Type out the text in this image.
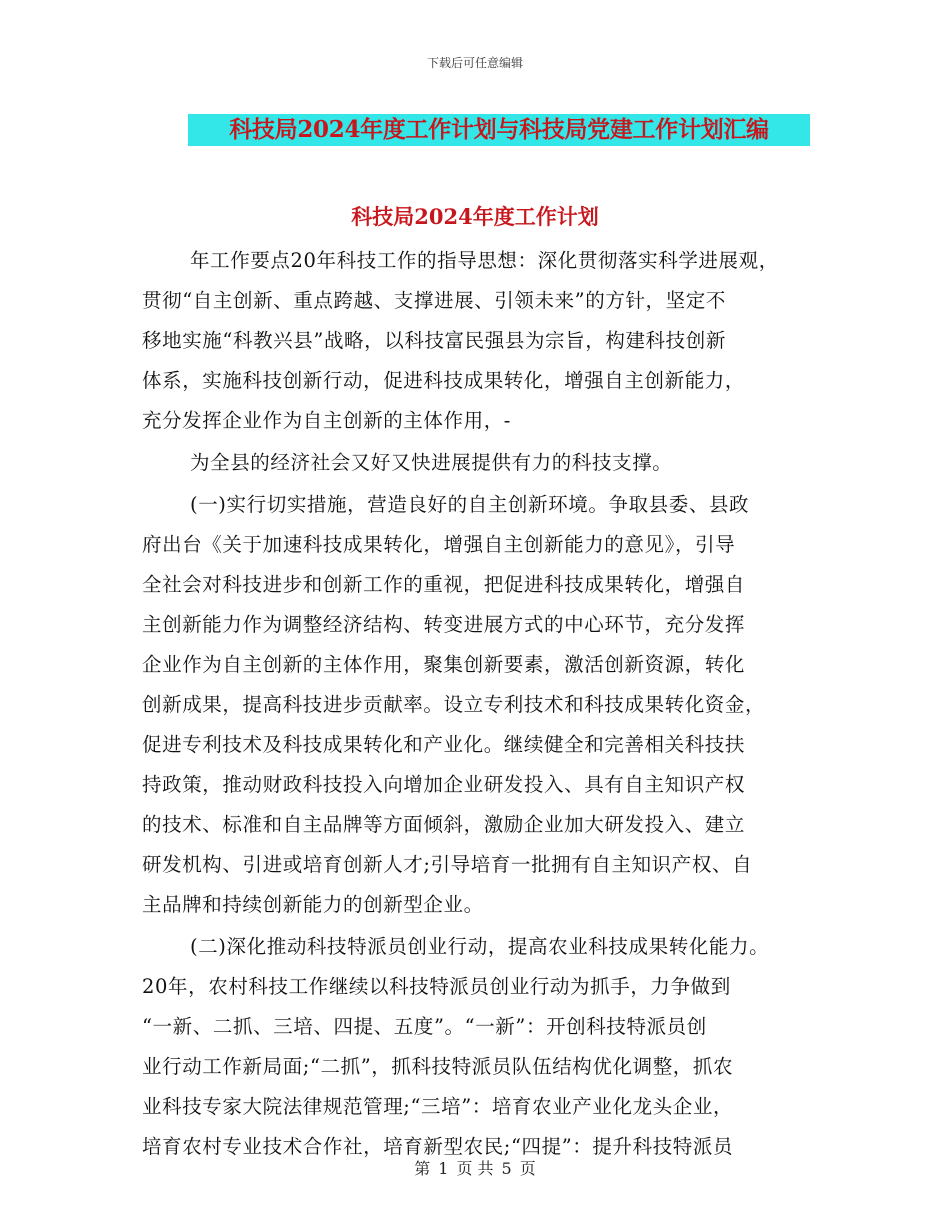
下载后可任意编辑
科技局2024年度工作计划与科技局党建工作计划汇编
科技局2024年度工作计划
年工作要点20年科技工作的指导思想：深化贯彻落实科学进展观，
贯彻“自主创新、重点跨越、支撑进展、引领未来”的方针，坚定不
移地实施“科教兴县”战略，以科技富民强县为宗旨，构建科技创新
体系，实施科技创新行动，促进科技成果转化，增强自主创新能力，
充分发挥企业作为自主创新的主体作用，-
为全县的经济社会又好又快进展提供有力的科技支撑。
(一)实行切实措施，营造良好的自主创新环境。争取县委、县政
府出台《关于加速科技成果转化，增强自主创新能力的意见》，引导
全社会对科技进步和创新工作的重视，把促进科技成果转化，增强自
主创新能力作为调整经济结构、转变进展方式的中心环节，充分发挥
企业作为自主创新的主体作用，聚集创新要素，激活创新资源，转化
创新成果，提高科技进步贡献率。设立专利技术和科技成果转化资金，
促进专利技术及科技成果转化和产业化。继续健全和完善相关科技扶
持政策，推动财政科技投入向增加企业研发投入、具有自主知识产权
的技术、标准和自主品牌等方面倾斜，激励企业加大研发投入、建立
研发机构、引进或培育创新人才;引导培育一批拥有自主知识产权、自
主品牌和持续创新能力的创新型企业。
(二)深化推动科技特派员创业行动，提高农业科技成果转化能力。
20年，农村科技工作继续以科技特派员创业行动为抓手，力争做到
“一新、二抓、三培、四提、五度”。“一新”：开创科技特派员创
业行动工作新局面;“二抓”，抓科技特派员队伍结构优化调整，抓农
业科技专家大院法律规范管理;“三培”：培育农业产业化龙头企业，
培育农村专业技术合作社，培育新型农民;“四提”：提升科技特派员
第 1 页 共 5 页
